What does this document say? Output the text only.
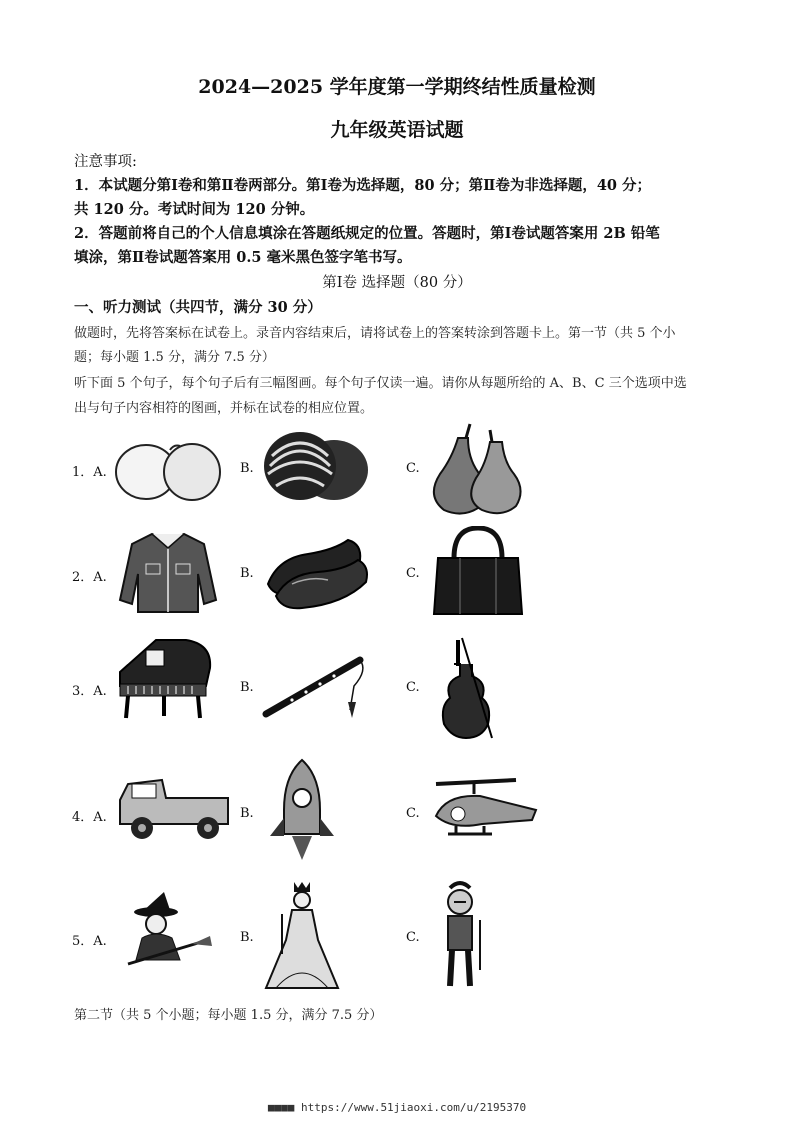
2024—2025 学年度第一学期终结性质量检测
九年级英语试题
注意事项:
1．本试题分第Ⅰ卷和第Ⅱ卷两部分。第Ⅰ卷为选择题，80 分；第Ⅱ卷为非选择题，40 分；
共 120 分。考试时间为 120 分钟。
2．答题前将自己的个人信息填涂在答题纸规定的位置。答题时，第Ⅰ卷试题答案用 2B 铅笔
填涂，第Ⅱ卷试题答案用 0.5 毫米黑色签字笔书写。
第Ⅰ卷 选择题（80 分）
一、听力测试（共四节，满分 30 分）
做题时，先将答案标在试卷上。录音内容结束后，请将试卷上的答案转涂到答题卡上。第一节（共 5 个小
题；每小题 1.5 分，满分 7.5 分）
听下面 5 个句子，每个句子后有三幅图画。每个句子仅读一遍。请你从每题所给的 A、B、C 三个选项中选
出与句子内容相符的图画，并标在试卷的相应位置。
1．A.	B.	C.
2．A.	B.	C.
3．A.	B.	C.
4．A.	B.	C.
5．A.	B.	C.
第二节（共 5 个小题；每小题 1.5 分，满分 7.5 分）
■■■■ https://www.51jiaoxi.com/u/2195370
